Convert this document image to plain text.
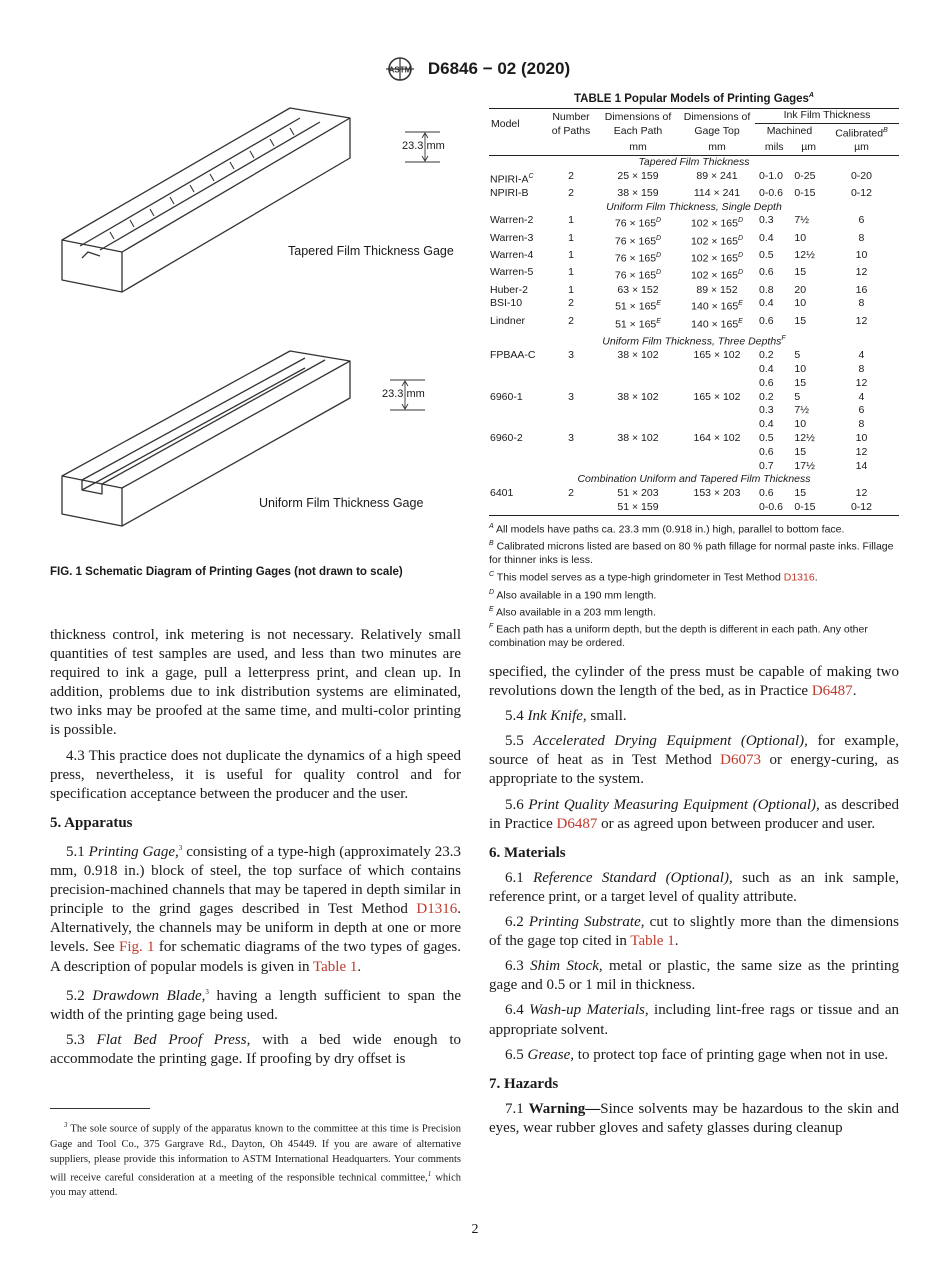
ASTM D6846 − 02 (2020)
23.3 mm
Tapered Film Thickness Gage
23.3 mm
Uniform Film Thickness Gage
FIG. 1 Schematic Diagram of Printing Gages (not drawn to scale)
TABLE 1 Popular Models of Printing Gages$^A$
Model	Number of Paths	Dimensions of Each Path	Dimensions of Gage Top	Ink Film Thickness		
				Machined		Calibrated$^B$
		mm	mm	mils	µm	µm
Tapered Film Thickness						
NPIRI-$A^C$	2	25 × 159	89 × 241	0-1.0	0-25	0-20
NPIRI-B	2	38 × 159	114 × 241	0-0.6	0-15	0-12
Uniform Film Thickness, Single Depth						
Warren-2	1	$76 \times 165^D$	$102 \times 165^D$	0.3	7½	6
Warren-3	1	$76 \times 165^D$	$102 \times 165^D$	0.4	10	8
Warren-4	1	$76 \times 165^D$	$102 \times 165^D$	0.5	12½	10
Warren-5	1	$76 \times 165^D$	$102 \times 165^D$	0.6	15	12
Huber-2	1	63 × 152	89 × 152	0.8	20	16
BSI-10	2	$51 \times 165^E$	$140 \times 165^E$	0.4	10	8
Lindner	2	$51 \times 165^E$	$140 \times 165^E$	0.6	15	12
Uniform Film Thickness, Three Depths$^F$
FPBAA-C	3	38 × 102	165 × 102	0.2	5	4
				0.4	10	8
				0.6	15	12
6960-1	3	38 × 102	165 × 102	0.2	5	4
				0.3	7½	6
				0.4	10	8
6960-2	3	38 × 102	164 × 102	0.5	12½	10
				0.6	15	12
				0.7	17½	14
Combination Uniform and Tapered Film Thickness						
6401	2	51 × 203	153 × 203	0.6	15	12
		51 × 159		0-0.6	0-15	0-12

$^A$ All models have paths ca. 23.3 mm (0.918 in.) high, parallel to bottom face.

$^B$ Calibrated microns listed are based on 80 % path fillage for normal paste inks. Fillage for thinner inks is less.

$^C$ This model serves as a type-high grindometer in Test Method D1316.

$^D$ Also available in a 190 mm length.

$^E$ Also available in a 203 mm length.

$^F$ Each path has a uniform depth, but the depth is different in each path. Any other combination may be ordered.

thickness control, ink metering is not necessary. Relatively small quantities of test samples are used, and less than two minutes are required to ink a gage, pull a letterpress print, and clean up. In addition, problems due to ink distribution systems are eliminated, two inks may be proofed at the same time, and multi-color printing is possible.

4.3 This practice does not duplicate the dynamics of a high speed press, nevertheless, it is useful for quality control and for specification acceptance between the producer and the user.

5. Apparatus

5.1 Printing Gage,$^3$ consisting of a type-high (approximately 23.3 mm, 0.918 in.) block of steel, the top surface of which contains precision-machined channels that may be tapered in depth similar in principle to the grind gages described in Test Method D1316. Alternatively, the channels may be uniform in depth at one or more levels. See Fig. 1 for schematic diagrams of the two types of gages. A description of popular models is given in Table 1.

5.2 Drawdown Blade,$^3$ having a length sufficient to span the width of the printing gage being used.

5.3 Flat Bed Proof Press, with a bed wide enough to accommodate the printing gage. If proofing by dry offset is

specified, the cylinder of the press must be capable of making two revolutions down the length of the bed, as in Practice D6487.

5.4 Ink Knife, small.

5.5 Accelerated Drying Equipment (Optional), for example, source of heat as in Test Method D6073 or energy-curing, as appropriate to the system.

5.6 Print Quality Measuring Equipment (Optional), as described in Practice D6487 or as agreed upon between producer and user.

6. Materials

6.1 Reference Standard (Optional), such as an ink sample, reference print, or a target level of quality attribute.

6.2 Printing Substrate, cut to slightly more than the dimensions of the gage top cited in Table 1.

6.3 Shim Stock, metal or plastic, the same size as the printing gage and 0.5 or 1 mil in thickness.

6.4 Wash-up Materials, including lint-free rags or tissue and an appropriate solvent.

6.5 Grease, to protect top face of printing gage when not in use.

7. Hazards

7.1 Warning—Since solvents may be hazardous to the skin and eyes, wear rubber gloves and safety glasses during cleanup

$^3$ The sole source of supply of the apparatus known to the committee at this time is Precision Gage and Tool Co., 375 Gargrave Rd., Dayton, Oh 45449. If you are aware of alternative suppliers, please provide this information to ASTM International Headquarters. Your comments will receive careful consideration at a meeting of the responsible technical committee,$^1$ which you may attend.
2
